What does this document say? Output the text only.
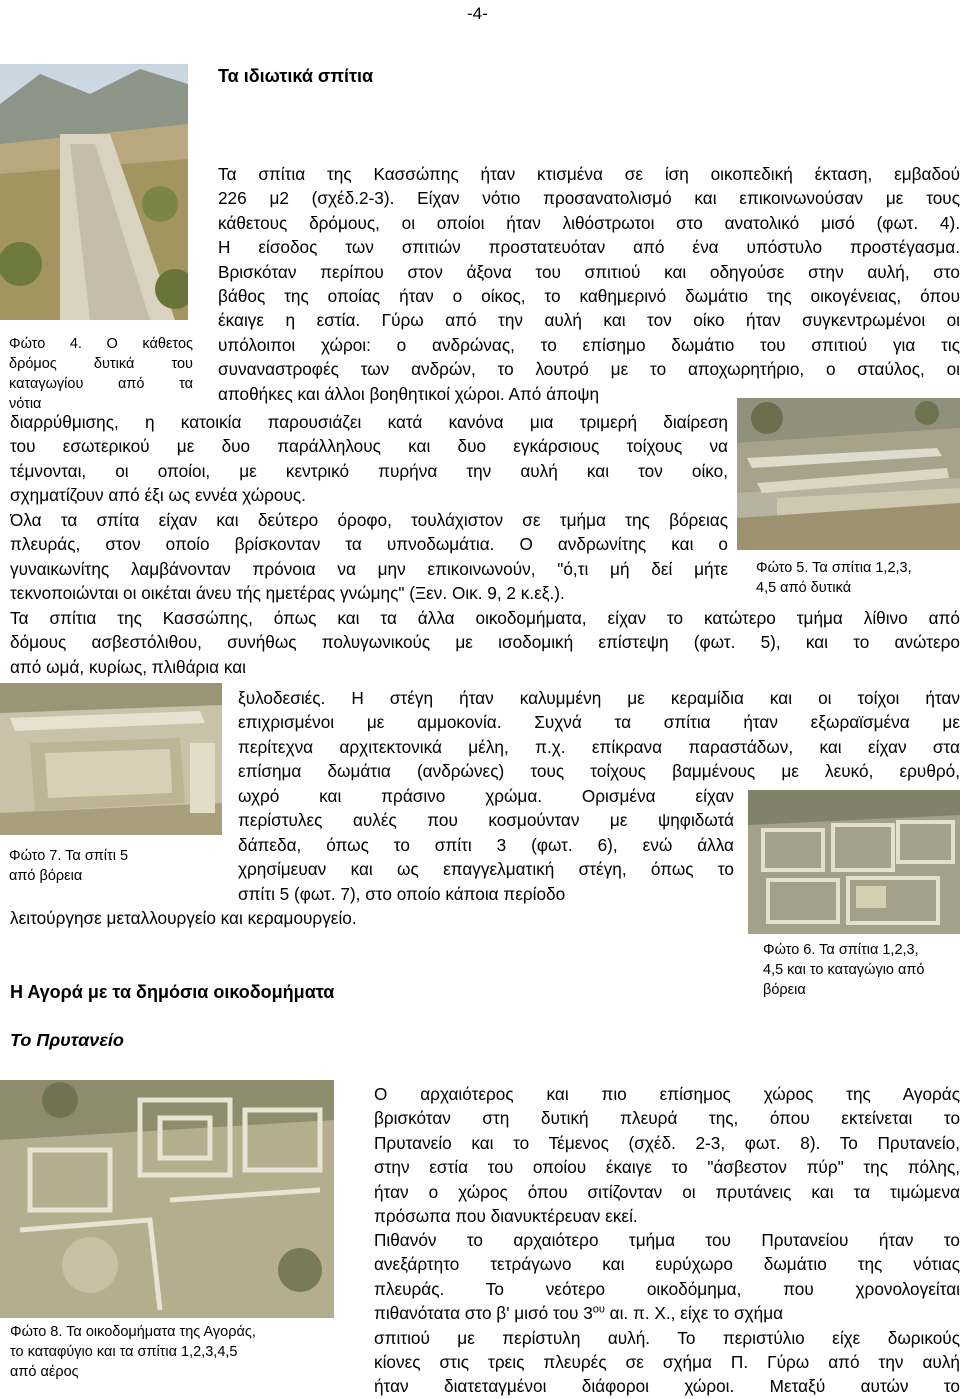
-4-
Τα ιδιωτικά σπίτια
Φώτο 4. Ο κάθετος
δρόμος δυτικά του
καταγωγίου από τα
νότια
Τα σπίτια της Κασσώπης ήταν κτισμένα σε ίση οικοπεδική έκταση, εμβαδού
226 μ2 (σχέδ.2-3). Είχαν νότιο προσανατολισμό και επικοινωνούσαν με τους
κάθετους δρόμους, οι οποίοι ήταν λιθόστρωτοι στο ανατολικό μισό (φωτ. 4).
Η είσοδος των σπιτιών προστατευόταν από ένα υπόστυλο προστέγασμα.
Βρισκόταν περίπου στον άξονα του σπιτιού και οδηγούσε στην αυλή, στο
βάθος της οποίας ήταν ο οίκος, το καθημερινό δωμάτιο της οικογένειας, όπου
έκαιγε η εστία. Γύρω από την αυλή και τον οίκο ήταν συγκεντρωμένοι οι
υπόλοιποι χώροι: ο ανδρώνας, το επίσημο δωμάτιο του σπιτιού για τις
συναναστροφές των ανδρών, το λουτρό με το αποχωρητήριο, ο σταύλος, οι
αποθήκες και άλλοι βοηθητικοί χώροι. Από άποψη
Φώτο 5. Τα σπίτια 1,2,3,
4,5 από δυτικά
διαρρύθμισης, η κατοικία παρουσιάζει κατά κανόνα μια τριμερή διαίρεση
του εσωτερικού με δυο παράλληλους και δυο εγκάρσιους τοίχους να
τέμνονται, οι οποίοι, με κεντρικό πυρήνα την αυλή και τον οίκο,
σχηματίζουν από έξι ως εννέα χώρους.
Όλα τα σπίτα είχαν και δεύτερο όροφο, τουλάχιστον σε τμήμα της βόρειας
πλευράς, στον οποίο βρίσκονταν τα υπνοδωμάτια. Ο ανδρωνίτης και ο
γυναικωνίτης λαμβάνονταν πρόνοια να μην επικοινωνούν, "ό,τι μή δεί μήτε
τεκνοποιώνται οι οικέται άνευ τής ημετέρας γνώμης" (Ξεν. Οικ. 9, 2 κ.εξ.).
Τα σπίτια της Κασσώπης, όπως και τα άλλα οικοδομήματα, είχαν το κατώτερο τμήμα λίθινο από
δόμους ασβεστόλιθου, συνήθως πολυγωνικούς με ισοδομική επίστεψη (φωτ. 5), και το ανώτερο
από ωμά, κυρίως, πλιθάρια και
Φώτο 7. Τα σπίτι 5
από βόρεια
ξυλοδεσιές. Η στέγη ήταν καλυμμένη με κεραμίδια και οι τοίχοι ήταν
επιχρισμένοι με αμμοκονία. Συχνά τα σπίτια ήταν εξωραϊσμένα με
περίτεχνα αρχιτεκτονικά μέλη, π.χ. επίκρανα παραστάδων, και είχαν στα
επίσημα δωμάτια (ανδρώνες) τους τοίχους βαμμένους με λευκό, ερυθρό,
ωχρό και πράσινο χρώμα. Ορισμένα είχαν
περίστυλες αυλές που κοσμούνταν με ψηφιδωτά
δάπεδα, όπως το σπίτι 3 (φωτ. 6), ενώ άλλα
χρησίμευαν και ως επαγγελματική στέγη, όπως το
σπίτι 5 (φωτ. 7), στο οποίο κάποια περίοδο
λειτούργησε μεταλλουργείο και κεραμουργείο.
Φώτο 6. Τα σπίτια 1,2,3,
4,5 και το καταγώγιο από
βόρεια
Η Αγορά με τα δημόσια οικοδομήματα
Το Πρυτανείο
Φώτο 8. Τα οικοδομήματα της Αγοράς,
το καταφύγιο και τα σπίτια 1,2,3,4,5
από αέρος
Ο αρχαιότερος και πιο επίσημος χώρος της Αγοράς
βρισκόταν στη δυτική πλευρά της, όπου εκτείνεται το
Πρυτανείο και το Τέμενος (σχέδ. 2-3, φωτ. 8). Το Πρυτανείο,
στην εστία του οποίου έκαιγε το "άσβεστον πύρ" της πόλης,
ήταν ο χώρος όπου σιτίζονταν οι πρυτάνεις και τα τιμώμενα
πρόσωπα που διανυκτέρευαν εκεί.
Πιθανόν το αρχαιότερο τμήμα του Πρυτανείου ήταν το
ανεξάρτητο τετράγωνο και ευρύχωρο δωμάτιο της νότιας
πλευράς. Το νεότερο οικοδόμημα, που χρονολογείται
πιθανότατα στο β' μισό του $3^{o\upsilon}$ αι. π. Χ., είχε το σχήμα
σπιτιού με περίστυλη αυλή. Το περιστύλιο είχε δωρικούς
κίονες στις τρεις πλευρές σε σχήμα Π. Γύρω από την αυλή
ήταν διατεταγμένοι διάφοροι χώροι. Μεταξύ αυτών το
